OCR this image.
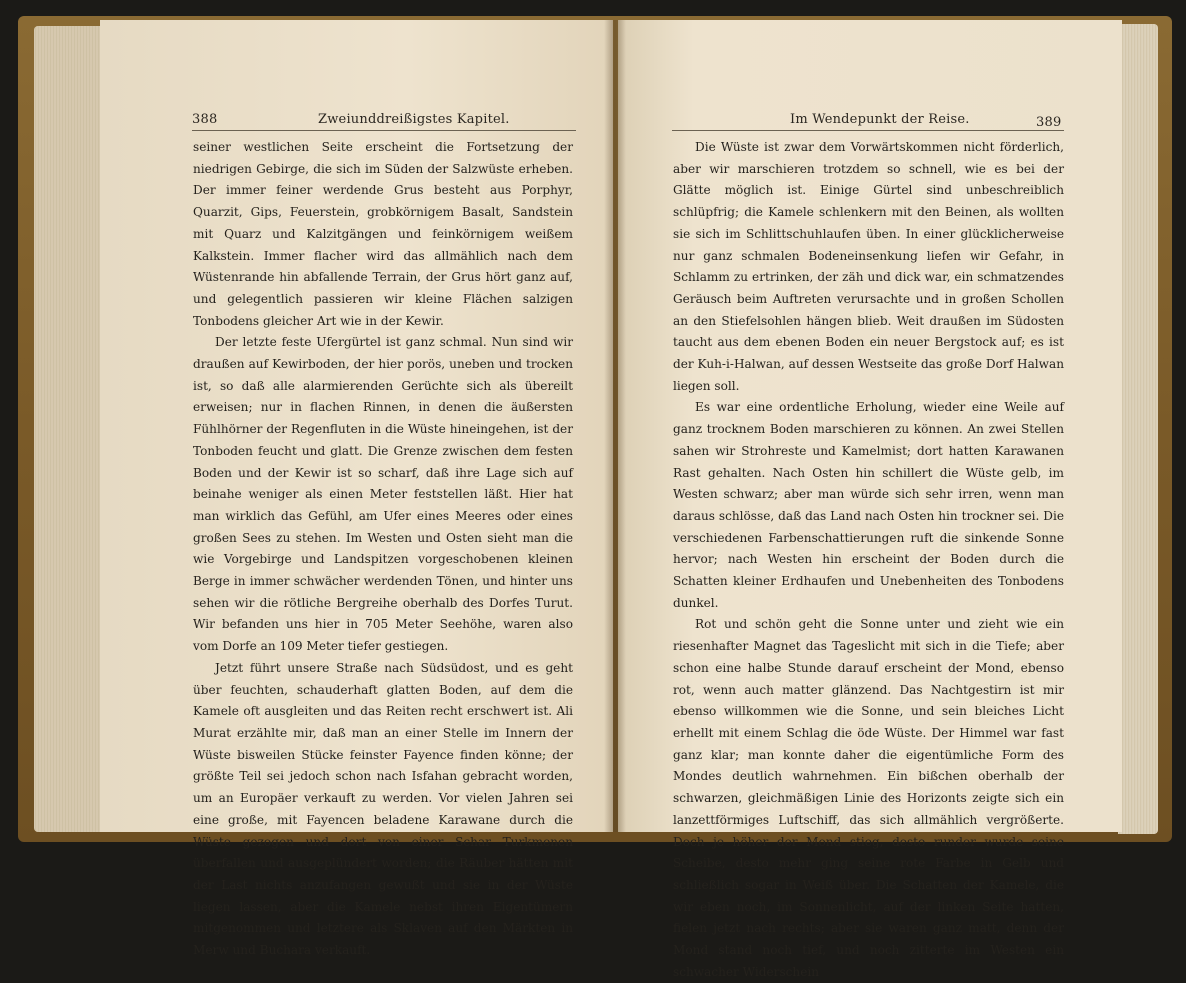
388	Zweiunddreißigstes Kapitel.

seiner westlichen Seite erscheint die Fortsetzung der niedrigen Gebirge, die sich im Süden der Salzwüste erheben. Der immer feiner werdende Grus besteht aus Porphyr, Quarzit, Gips, Feuerstein, grobkörnigem Basalt, Sandstein mit Quarz und Kalzitgängen und feinkörnigem weißem Kalkstein. Immer flacher wird das allmählich nach dem Wüstenrande hin abfallende Terrain, der Grus hört ganz auf, und gelegentlich passieren wir kleine Flächen salzigen Tonbodens gleicher Art wie in der Kewir.

Der letzte feste Ufergürtel ist ganz schmal. Nun sind wir draußen auf Kewirboden, der hier porös, uneben und trocken ist, so daß alle alarmierenden Gerüchte sich als übereilt erweisen; nur in flachen Rinnen, in denen die äußersten Fühlhörner der Regenfluten in die Wüste hineingehen, ist der Tonboden feucht und glatt. Die Grenze zwischen dem festen Boden und der Kewir ist so scharf, daß ihre Lage sich auf beinahe weniger als einen Meter feststellen läßt. Hier hat man wirklich das Gefühl, am Ufer eines Meeres oder eines großen Sees zu stehen. Im Westen und Osten sieht man die wie Vorgebirge und Landspitzen vorgeschobenen kleinen Berge in immer schwächer werdenden Tönen, und hinter uns sehen wir die rötliche Bergreihe oberhalb des Dorfes Turut. Wir befanden uns hier in 705 Meter Seehöhe, waren also vom Dorfe an 109 Meter tiefer gestiegen.

Jetzt führt unsere Straße nach Südsüdost, und es geht über feuchten, schauderhaft glatten Boden, auf dem die Kamele oft ausgleiten und das Reiten recht erschwert ist. Ali Murat erzählte mir, daß man an einer Stelle im Innern der Wüste bisweilen Stücke feinster Fayence finden könne; der größte Teil sei jedoch schon nach Isfahan gebracht worden, um an Europäer verkauft zu werden. Vor vielen Jahren sei eine große, mit Fayencen beladene Karawane durch die Wüste gezogen und dort von einer Schar Turkmenen überfallen und ausgeplündert worden; die Räuber hätten mit der Last nichts anzufangen gewußt und sie in der Wüste liegen lassen, aber die Kamele nebst ihren Eigentümern mitgenommen und letztere als Sklaven auf den Märkten in Merw und Buchara verkauft.

Im Wendepunkt der Reise.	389

Die Wüste ist zwar dem Vorwärtskommen nicht förderlich, aber wir marschieren trotzdem so schnell, wie es bei der Glätte möglich ist. Einige Gürtel sind unbeschreiblich schlüpfrig; die Kamele schlenkern mit den Beinen, als wollten sie sich im Schlittschuhlaufen üben. In einer glücklicherweise nur ganz schmalen Bodeneinsenkung liefen wir Gefahr, in Schlamm zu ertrinken, der zäh und dick war, ein schmatzendes Geräusch beim Auftreten verursachte und in großen Schollen an den Stiefelsohlen hängen blieb. Weit draußen im Südosten taucht aus dem ebenen Boden ein neuer Bergstock auf; es ist der Kuh-i-Halwan, auf dessen Westseite das große Dorf Halwan liegen soll.

Es war eine ordentliche Erholung, wieder eine Weile auf ganz trocknem Boden marschieren zu können. An zwei Stellen sahen wir Strohreste und Kamelmist; dort hatten Karawanen Rast gehalten. Nach Osten hin schillert die Wüste gelb, im Westen schwarz; aber man würde sich sehr irren, wenn man daraus schlösse, daß das Land nach Osten hin trockner sei. Die verschiedenen Farbenschattierungen ruft die sinkende Sonne hervor; nach Westen hin erscheint der Boden durch die Schatten kleiner Erdhaufen und Unebenheiten des Tonbodens dunkel.

Rot und schön geht die Sonne unter und zieht wie ein riesenhafter Magnet das Tageslicht mit sich in die Tiefe; aber schon eine halbe Stunde darauf erscheint der Mond, ebenso rot, wenn auch matter glänzend. Das Nachtgestirn ist mir ebenso willkommen wie die Sonne, und sein bleiches Licht erhellt mit einem Schlag die öde Wüste. Der Himmel war fast ganz klar; man konnte daher die eigentümliche Form des Mondes deutlich wahrnehmen. Ein bißchen oberhalb der schwarzen, gleichmäßigen Linie des Horizonts zeigte sich ein lanzettförmiges Luftschiff, das sich allmählich vergrößerte. Doch je höher der Mond stieg, desto runder wurde seine Scheibe, desto mehr ging seine rote Farbe in Gelb und schließlich sogar in Weiß über. Die Schatten der Kamele, die wir eben noch, im Sonnenlicht, auf der linken Seite hatten, fielen jetzt nach rechts; aber sie waren ganz matt, denn der Mond stand noch tief, und noch zitterte im Westen ein schwacher Widerschein
